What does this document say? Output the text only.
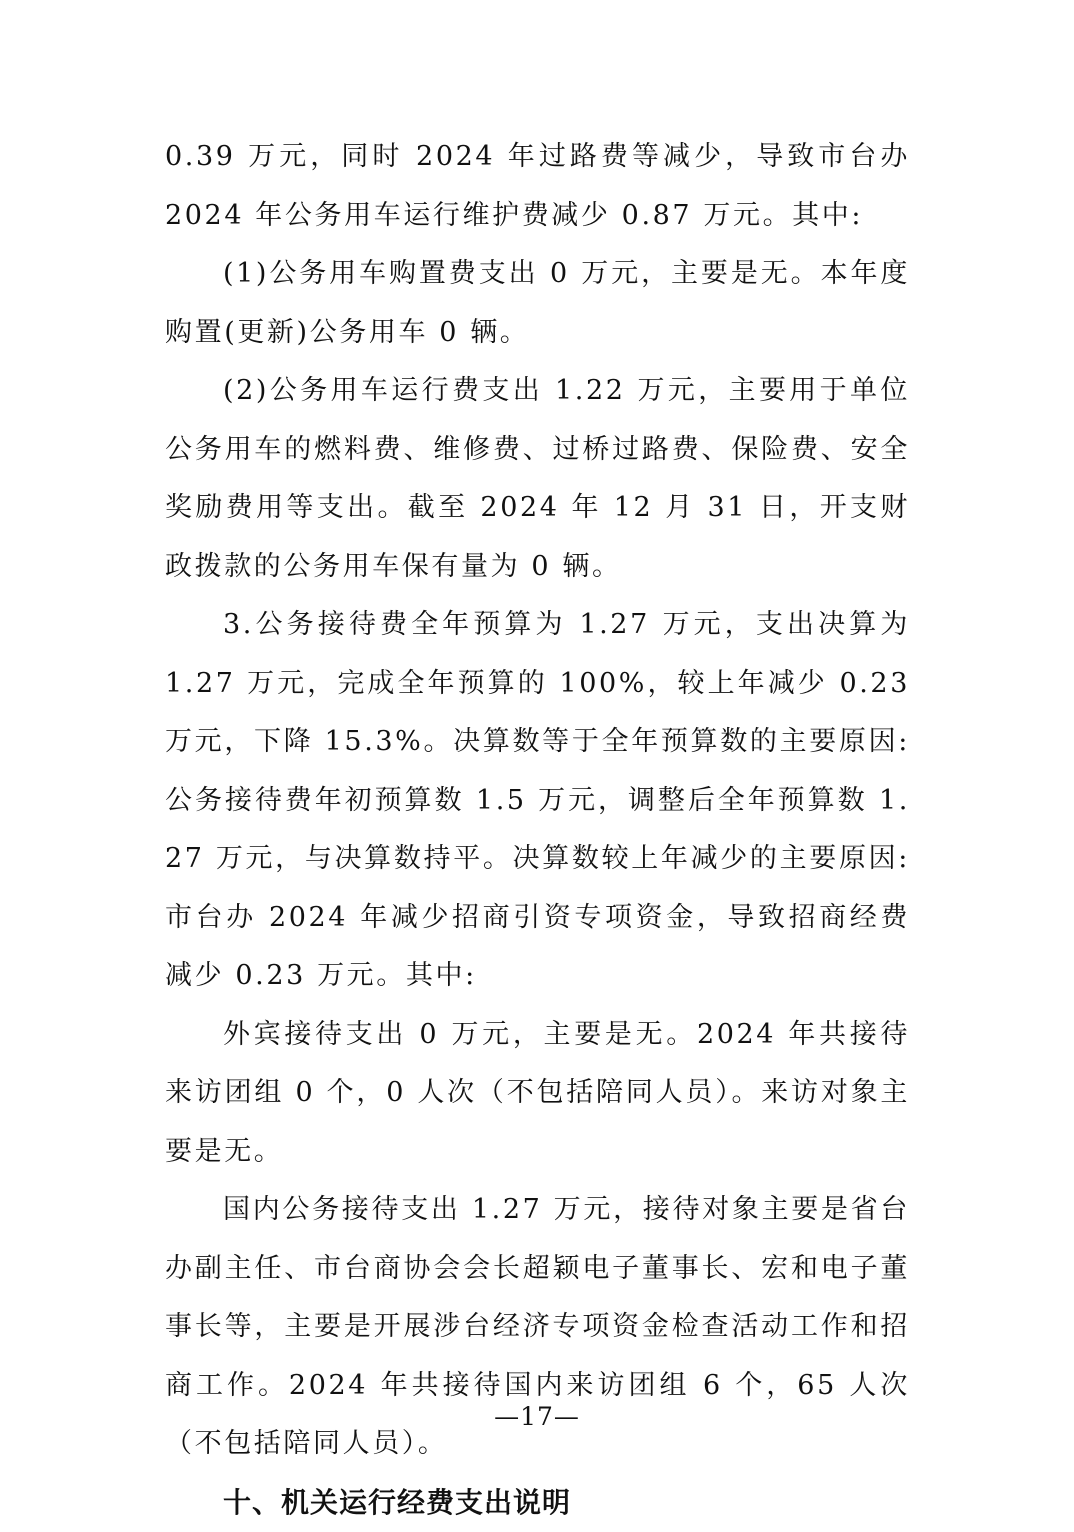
0.39 万元，同时 2024 年过路费等减少，导致市台办 2024 年公务用车运行维护费减少 0.87 万元。其中:

(1)公务用车购置费支出 0 万元，主要是无。本年度购置(更新)公务用车 0 辆。

(2)公务用车运行费支出 1.22 万元，主要用于单位公务用车的燃料费、维修费、过桥过路费、保险费、安全奖励费用等支出。截至 2024 年 12 月 31 日，开支财政拨款的公务用车保有量为 0 辆。

3.公务接待费全年预算为 1.27 万元，支出决算为 1.27 万元，完成全年预算的 100%，较上年减少 0.23 万元，下降 15.3%。决算数等于全年预算数的主要原因: 公务接待费年初预算数 1.5 万元，调整后全年预算数 1.27 万元，与决算数持平。决算数较上年减少的主要原因: 市台办 2024 年减少招商引资专项资金，导致招商经费减少 0.23 万元。其中:

外宾接待支出 0 万元，主要是无。2024 年共接待来访团组 0 个，0 人次（不包括陪同人员）。来访对象主要是无。

国内公务接待支出 1.27 万元，接待对象主要是省台办副主任、市台商协会会长超颖电子董事长、宏和电子董事长等，主要是开展涉台经济专项资金检查活动工作和招商工作。2024 年共接待国内来访团组 6 个，65 人次（不包括陪同人员）。

十、机关运行经费支出说明

—17—
